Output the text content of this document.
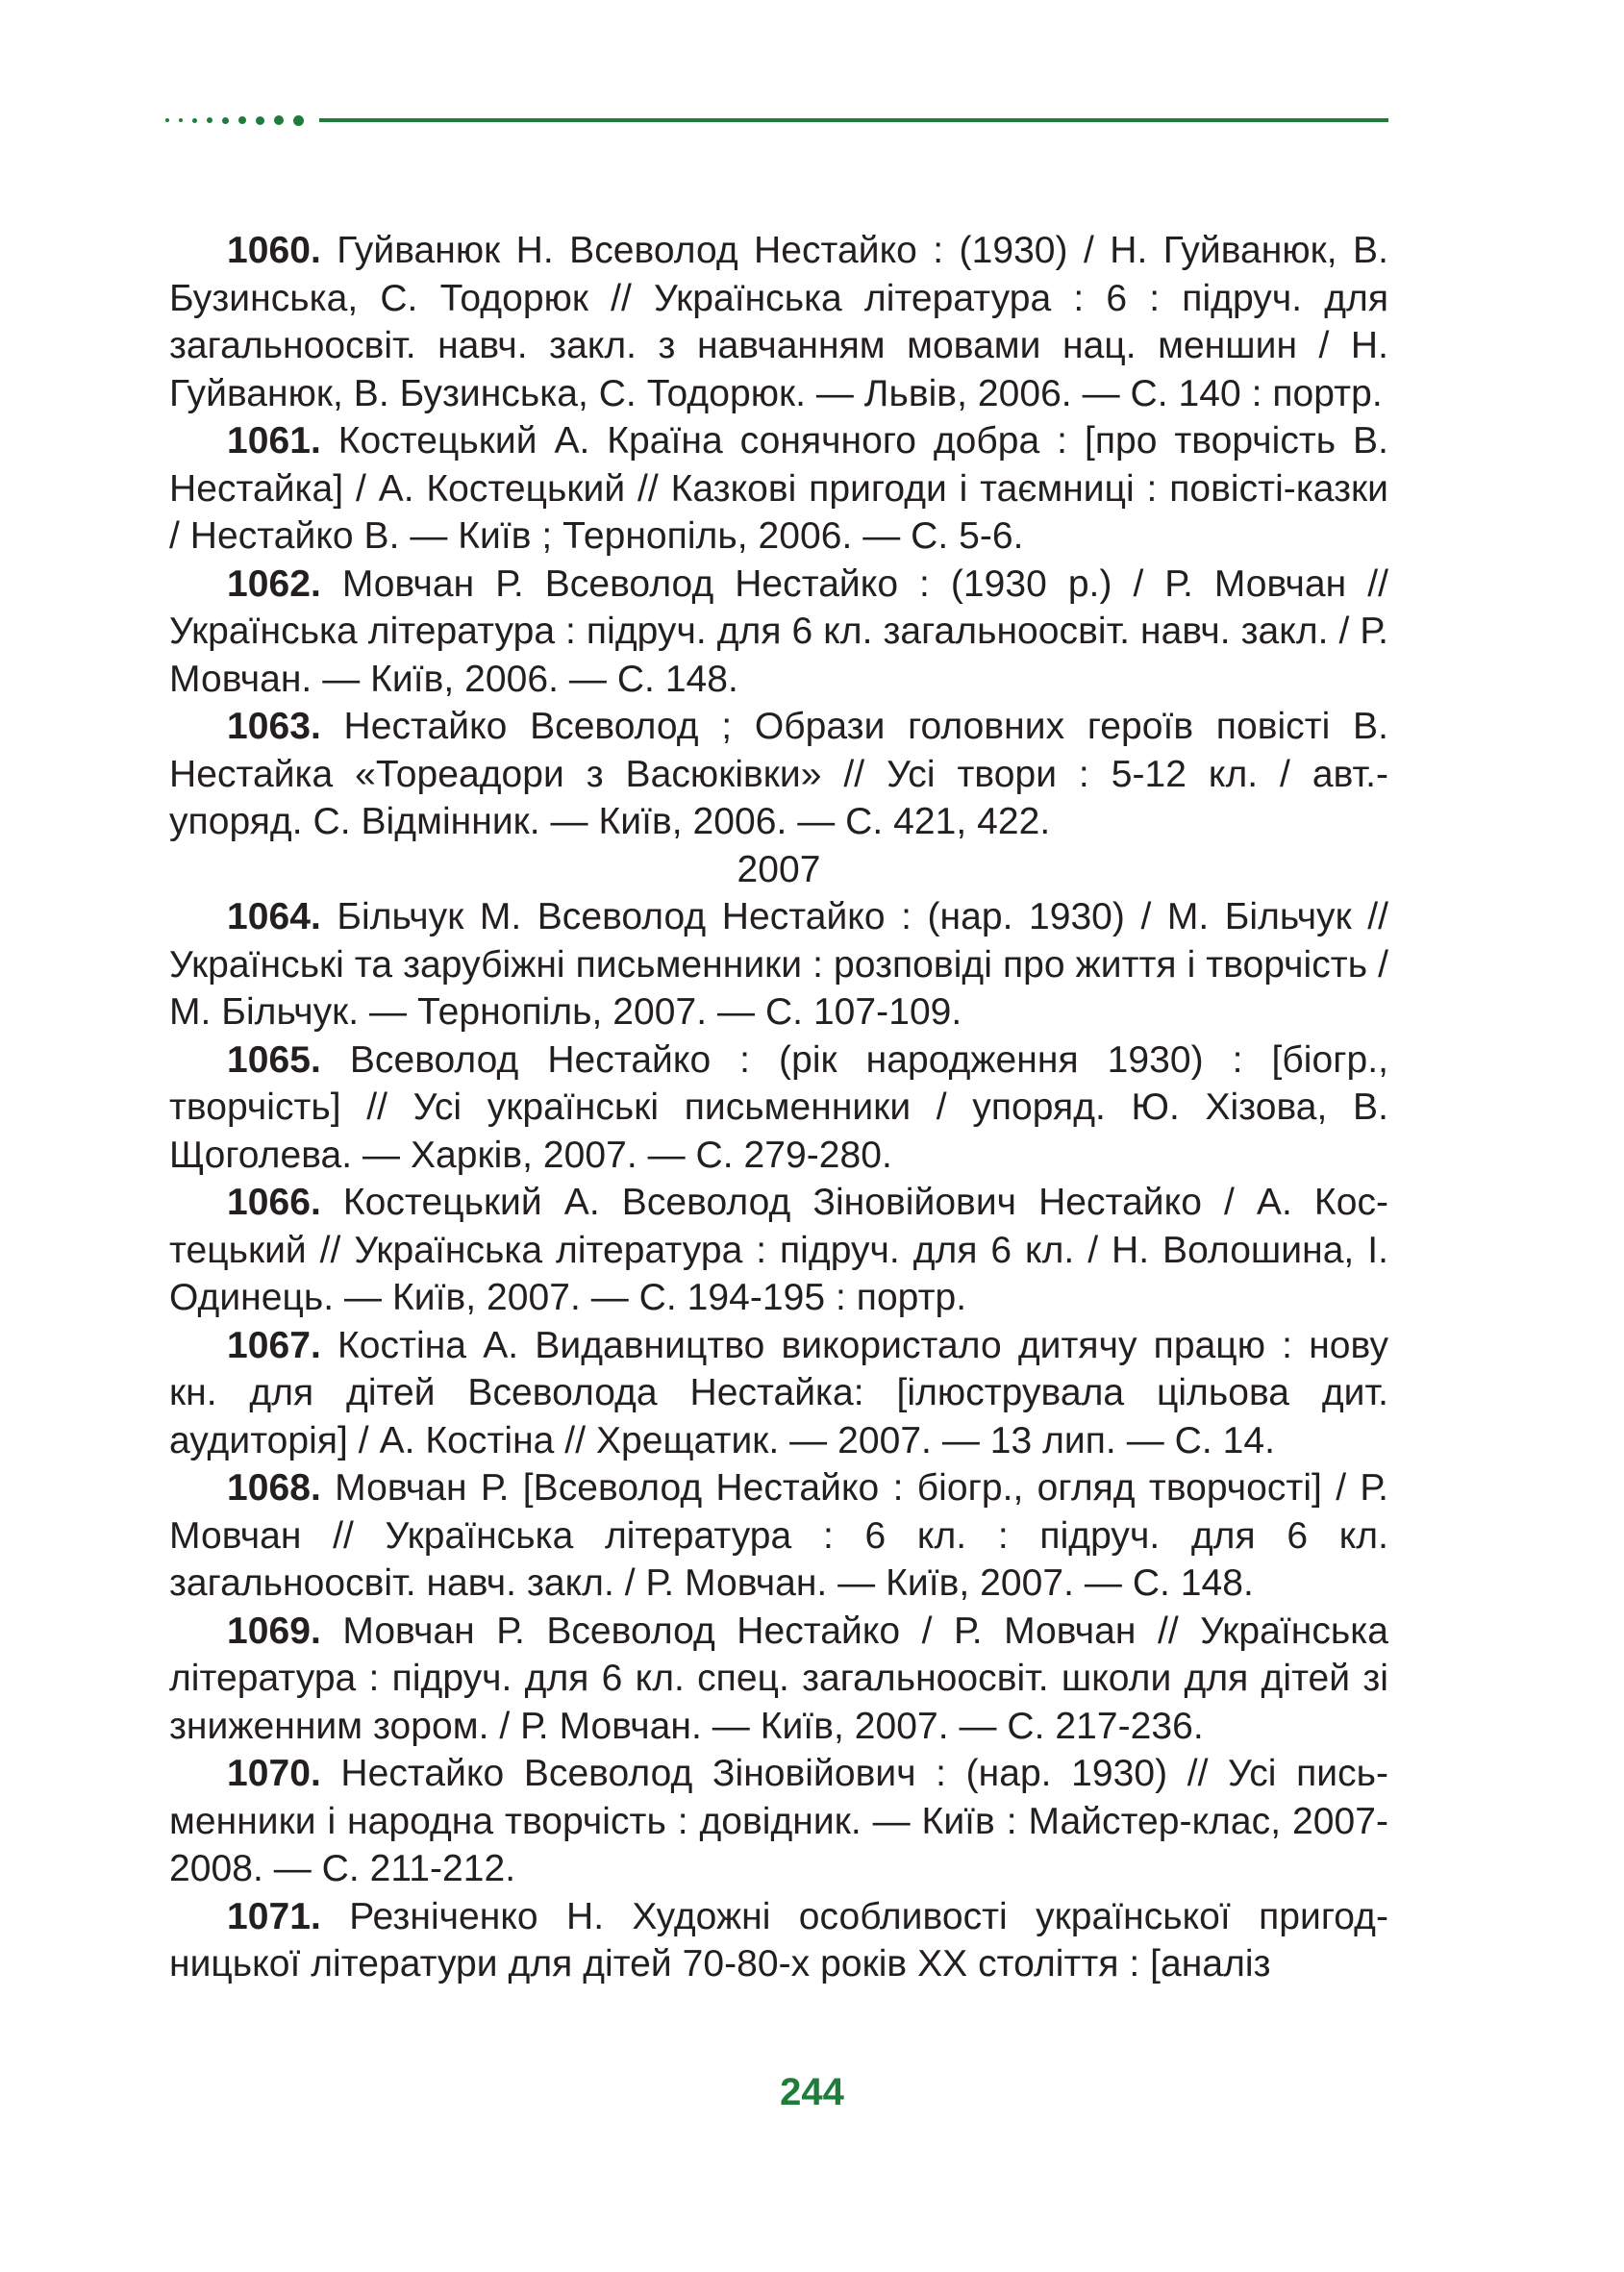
1060. Гуйванюк Н. Всеволод Нестайко : (1930) / Н. Гуйванюк, В. Бузинська, С. Тодорюк // Українська література : 6 : підруч. для загальноосвіт. навч. закл. з навчанням мовами нац. меншин / Н. Гуйванюк, В. Бузинська, С. Тодорюк. — Львів, 2006. — С. 140 : портр.

1061. Костецький А. Країна сонячного добра : [про творчість В. Нестайка] / А. Костецький // Казкові пригоди і таємниці : повісті-казки / Нестайко В. — Київ ; Тернопіль, 2006. — С. 5-6.

1062. Мовчан Р. Всеволод Нестайко : (1930 р.) / Р. Мовчан // Українська література : підруч. для 6 кл. загальноосвіт. навч. закл. / Р. Мовчан. — Київ, 2006. — С. 148.

1063. Нестайко Всеволод ; Образи головних героїв повісті В. Нестайка «Тореадори з Васюківки» // Усі твори : 5-12 кл. / авт.-упоряд. С. Відмінник. — Київ, 2006. — С. 421, 422.

2007

1064. Більчук М. Всеволод Нестайко : (нар. 1930) / М. Більчук // Українські та зарубіжні письменники : розповіді про життя і творчість / М. Більчук. — Тернопіль, 2007. — С. 107-109.

1065. Всеволод Нестайко : (рік народження 1930) : [біогр., творчість] // Усі українські письменники / упоряд. Ю. Хізова, В. Щоголева. — Харків, 2007. — С. 279-280.

1066. Костецький А. Всеволод Зіновійович Нестайко / А. Костецький // Українська література : підруч. для 6 кл. / Н. Волошина, І. Одинець. — Київ, 2007. — С. 194-195 : портр.

1067. Костіна А. Видавництво використало дитячу працю : нову кн. для дітей Всеволода Нестайка: [ілюструвала цільова дит. аудиторія] / А. Костіна // Хрещатик. — 2007. — 13 лип. — С. 14.

1068. Мовчан Р. [Всеволод Нестайко : біогр., огляд творчості] / Р. Мовчан // Українська література : 6 кл. : підруч. для 6 кл. загальноосвіт. навч. закл. / Р. Мовчан. — Київ, 2007. — С. 148.

1069. Мовчан Р. Всеволод Нестайко / Р. Мовчан // Українська література : підруч. для 6 кл. спец. загальноосвіт. школи для дітей зі зниженним зором. / Р. Мовчан. — Київ, 2007. — С. 217-236.

1070. Нестайко Всеволод Зіновійович : (нар. 1930) // Усі письменники і народна творчість : довідник. — Київ : Майстер-клас, 2007-2008. — С. 211-212.

1071. Резніченко Н. Художні особливості української пригодницької літератури для дітей 70-80-х років XX століття : [аналіз

244
